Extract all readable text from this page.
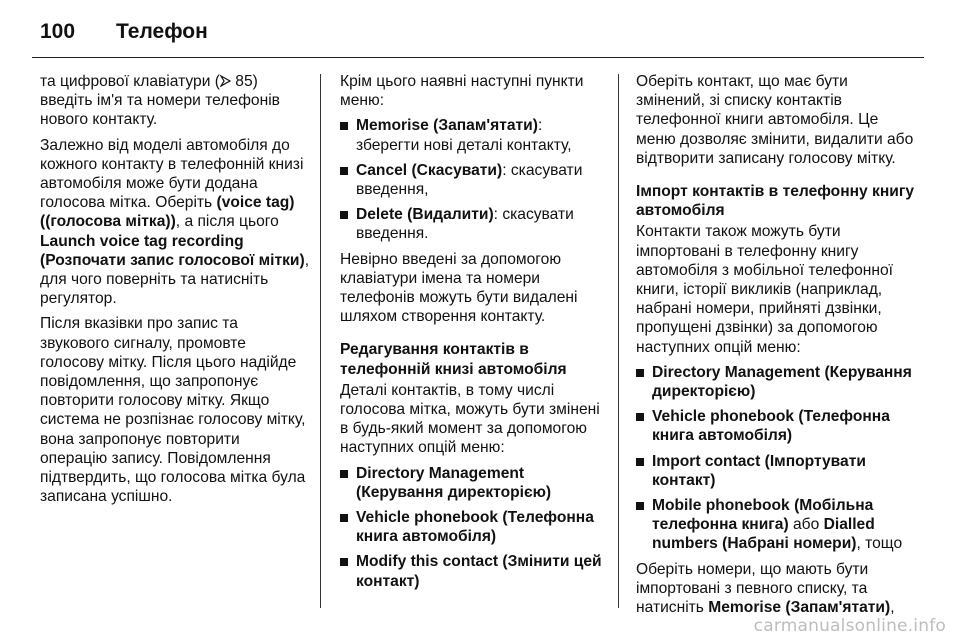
100 Телефон

та цифрової клавіатури ( 85) введіть ім'я та номери телефонів нового контакту.

Залежно від моделі автомобіля до кожного контакту в телефонній книзі автомобіля може бути додана голосова мітка. Оберіть (voice tag) ((голосова мітка)), а після цього Launch voice tag recording (Розпочати запис голосової мітки), для чого поверніть та натисніть регулятор.

Після вказівки про запис та звукового сигналу, промовте голосову мітку. Після цього надійде повідомлення, що запропонує повторити голосову мітку. Якщо система не розпізнає голосову мітку, вона запропонує повторити операцію запису. Повідомлення підтвердить, що голосова мітка була записана успішно.

Крім цього наявні наступні пункти меню:

Memorise (Запам'ятати): зберегти нові деталі контакту,
Cancel (Скасувати): скасувати введення,
Delete (Видалити): скасувати введення.

Невірно введені за допомогою клавіатури імена та номери телефонів можуть бути видалені шляхом створення контакту.

Редагування контактів в телефонній книзі автомобіля

Деталі контактів, в тому числі голосова мітка, можуть бути змінені в будь-який момент за допомогою наступних опцій меню:

Directory Management (Керування директорією)
Vehicle phonebook (Телефонна книга автомобіля)
Modify this contact (Змінити цей контакт)

Оберіть контакт, що має бути змінений, зі списку контактів телефонної книги автомобіля. Це меню дозволяє змінити, видалити або відтворити записану голосову мітку.

Імпорт контактів в телефонну книгу автомобіля

Контакти також можуть бути імпортовані в телефонну книгу автомобіля з мобільної телефонної книги, історії викликів (наприклад, набрані номери, прийняті дзвінки, пропущені дзвінки) за допомогою наступних опцій меню:

Directory Management (Керування директорією)
Vehicle phonebook (Телефонна книга автомобіля)
Import contact (Імпортувати контакт)
Mobile phonebook (Мобільна телефонна книга) або Dialled numbers (Набрані номери), тощо

Оберіть номери, що мають бути імпортовані з певного списку, та натисніть Memorise (Запам'ятати),

carmanualsonline.info
